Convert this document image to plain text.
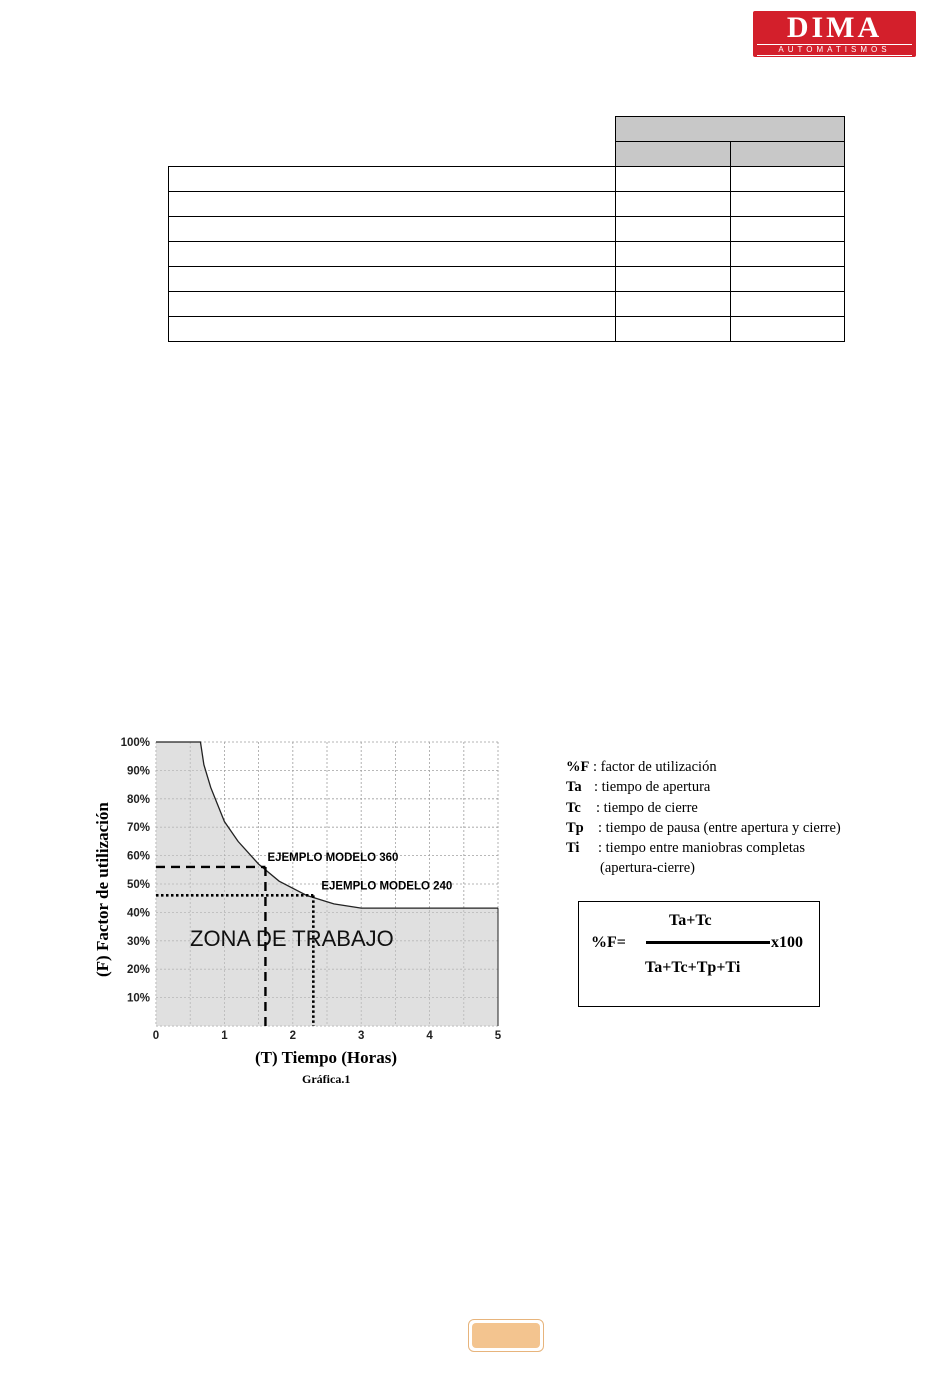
DIMA
AUTOMATISMOS

EJEMPLO MODELO 360
EJEMPLO MODELO 240
0	1	2	3	4	5
10%
20%
30%
40%
50%
60%
70%
80%
90%
100%
ZONA DE TRABAJO
(F) Factor de utilización
(T) Tiempo (Horas)
Gráfica.1
%F : factor de utilización
Ta : tiempo de apertura
Tc : tiempo de cierre
Tp : tiempo de pausa (entre apertura y cierre)
Ti : tiempo entre maniobras completas
(apertura-cierre)
Ta+Tc
%F=	x100
Ta+Tc+Tp+Ti
